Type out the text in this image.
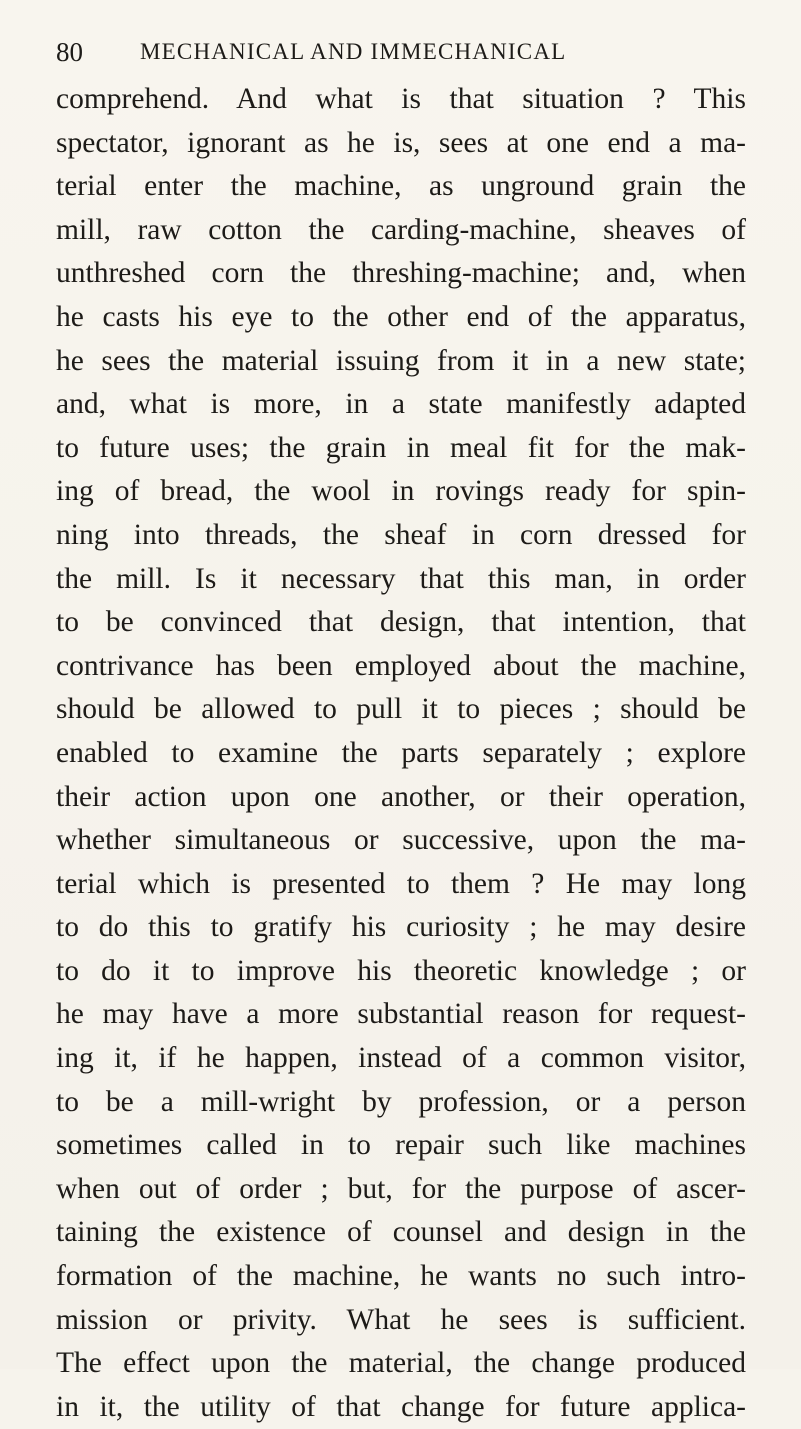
80 MECHANICAL AND IMMECHANICAL
comprehend. And what is that situation ? This
spectator, ignorant as he is, sees at one end a ma-
terial enter the machine, as unground grain the
mill, raw cotton the carding-machine, sheaves of
unthreshed corn the threshing-machine; and, when
he casts his eye to the other end of the apparatus,
he sees the material issuing from it in a new state;
and, what is more, in a state manifestly adapted
to future uses; the grain in meal fit for the mak-
ing of bread, the wool in rovings ready for spin-
ning into threads, the sheaf in corn dressed for
the mill. Is it necessary that this man, in order
to be convinced that design, that intention, that
contrivance has been employed about the machine,
should be allowed to pull it to pieces ; should be
enabled to examine the parts separately ; explore
their action upon one another, or their operation,
whether simultaneous or successive, upon the ma-
terial which is presented to them ? He may long
to do this to gratify his curiosity ; he may desire
to do it to improve his theoretic knowledge ; or
he may have a more substantial reason for request-
ing it, if he happen, instead of a common visitor,
to be a mill-wright by profession, or a person
sometimes called in to repair such like machines
when out of order ; but, for the purpose of ascer-
taining the existence of counsel and design in the
formation of the machine, he wants no such intro-
mission or privity. What he sees is sufficient.
The effect upon the material, the change produced
in it, the utility of that change for future applica-
